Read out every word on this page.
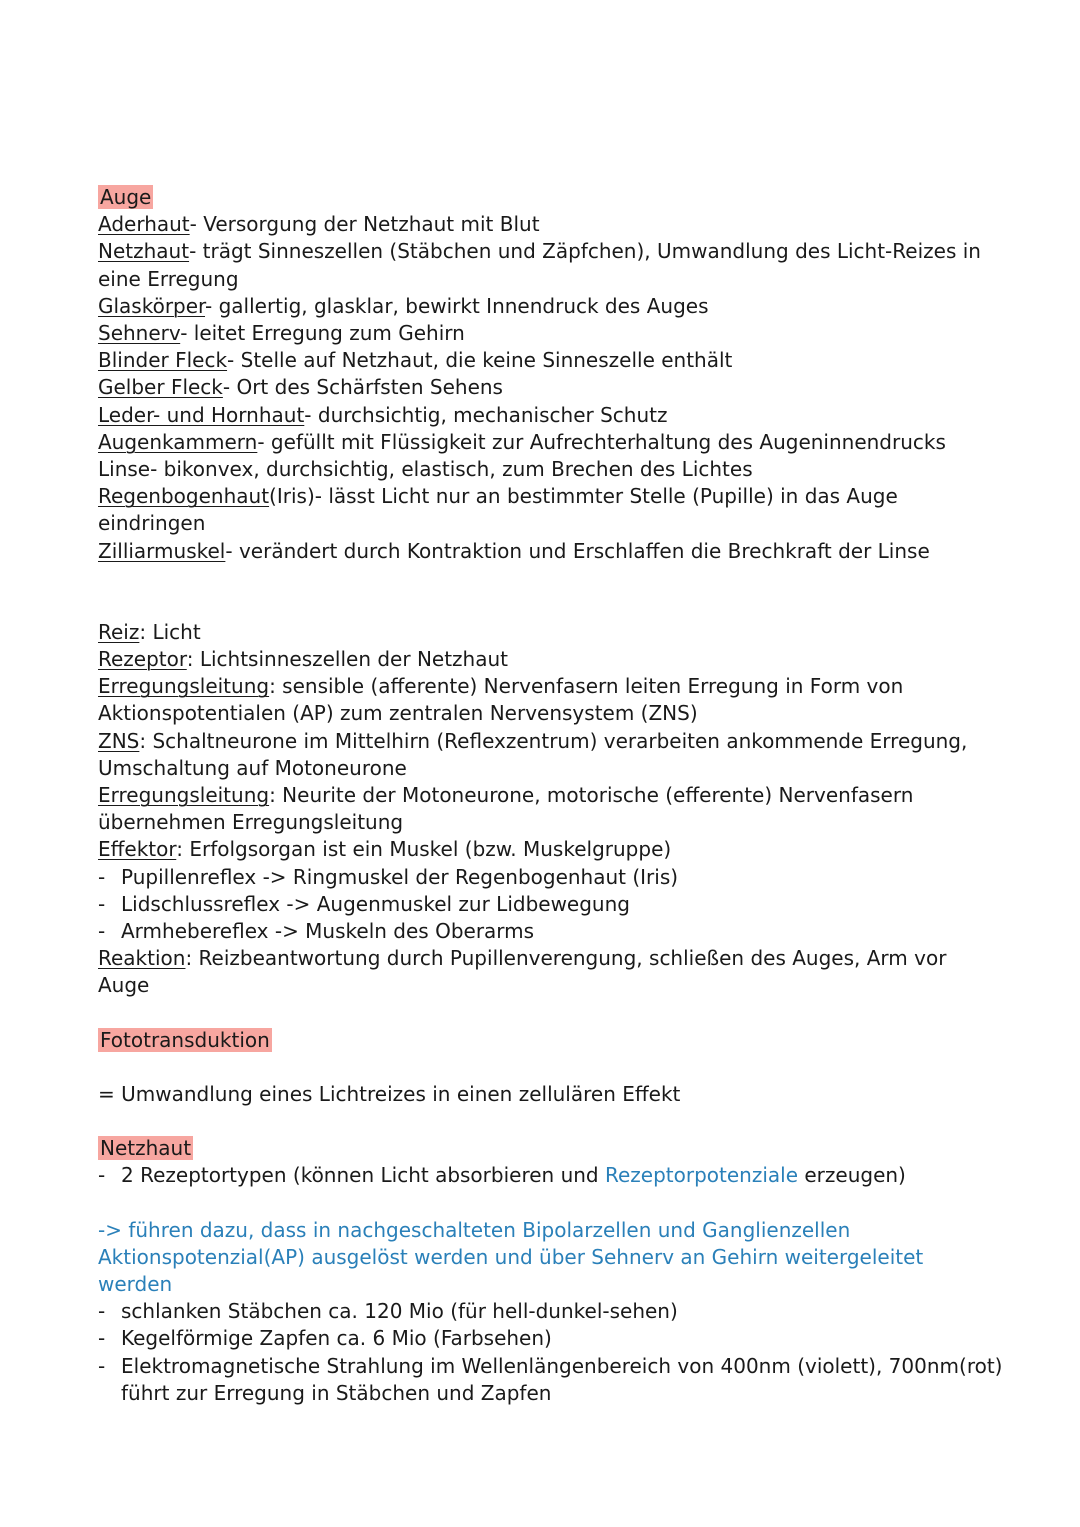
Auge
Aderhaut- Versorgung der Netzhaut mit Blut
Netzhaut- trägt Sinneszellen (Stäbchen und Zäpfchen), Umwandlung des Licht-Reizes in
eine Erregung
Glaskörper- gallertig, glasklar, bewirkt Innendruck des Auges
Sehnerv- leitet Erregung zum Gehirn
Blinder Fleck- Stelle auf Netzhaut, die keine Sinneszelle enthält
Gelber Fleck- Ort des Schärfsten Sehens
Leder- und Hornhaut- durchsichtig, mechanischer Schutz
Augenkammern- gefüllt mit Flüssigkeit zur Aufrechterhaltung des Augeninnendrucks
Linse- bikonvex, durchsichtig, elastisch, zum Brechen des Lichtes
Regenbogenhaut(Iris)- lässt Licht nur an bestimmter Stelle (Pupille) in das Auge
eindringen
Zilliarmuskel- verändert durch Kontraktion und Erschlaffen die Brechkraft der Linse
Reiz: Licht
Rezeptor: Lichtsinneszellen der Netzhaut
Erregungsleitung: sensible (afferente) Nervenfasern leiten Erregung in Form von
Aktionspotentialen (AP) zum zentralen Nervensystem (ZNS)
ZNS: Schaltneurone im Mittelhirn (Reflexzentrum) verarbeiten ankommende Erregung,
Umschaltung auf Motoneurone
Erregungsleitung: Neurite der Motoneurone, motorische (efferente) Nervenfasern
übernehmen Erregungsleitung
Effektor: Erfolgsorgan ist ein Muskel (bzw. Muskelgruppe)
- Pupillenreflex -> Ringmuskel der Regenbogenhaut (Iris)
- Lidschlussreflex -> Augenmuskel zur Lidbewegung
- Armhebereflex -> Muskeln des Oberarms
Reaktion: Reizbeantwortung durch Pupillenverengung, schließen des Auges, Arm vor
Auge
Fototransduktion
= Umwandlung eines Lichtreizes in einen zellulären Effekt
Netzhaut
- 2 Rezeptortypen (können Licht absorbieren und Rezeptorpotenziale erzeugen)
-> führen dazu, dass in nachgeschalteten Bipolarzellen und Ganglienzellen
Aktionspotenzial(AP) ausgelöst werden und über Sehnerv an Gehirn weitergeleitet
werden
- schlanken Stäbchen ca. 120 Mio (für hell-dunkel-sehen)
- Kegelförmige Zapfen ca. 6 Mio (Farbsehen)
- Elektromagnetische Strahlung im Wellenlängenbereich von 400nm (violett), 700nm(rot)
führt zur Erregung in Stäbchen und Zapfen
